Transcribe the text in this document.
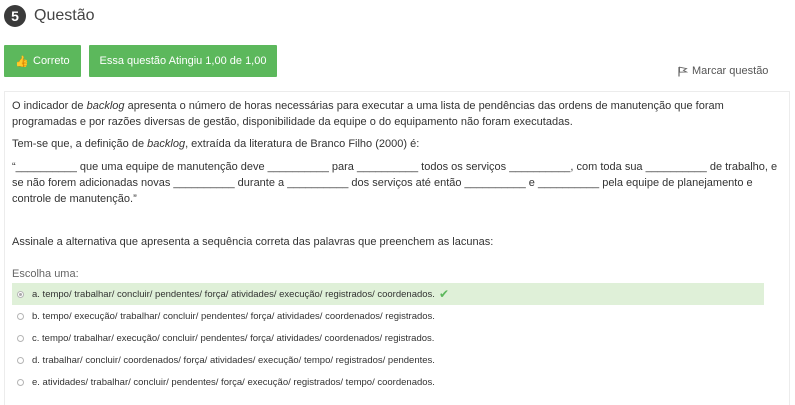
5 Questão
👍 Correto	Essa questão Atingiu 1,00 de 1,00
Marcar questão
O indicador de backlog apresenta o número de horas necessárias para executar a uma lista de pendências das ordens de manutenção que foram programadas e por razões diversas de gestão, disponibilidade da equipe o do equipamento não foram executadas.
Tem-se que, a definição de backlog, extraída da literatura de Branco Filho (2000) é:
“__________ que uma equipe de manutenção deve __________ para __________ todos os serviços __________, com toda sua __________ de trabalho, e se não forem adicionadas novas __________ durante a __________ dos serviços até então __________ e __________ pela equipe de planejamento e controle de manutenção.”
Assinale a alternativa que apresenta a sequência correta das palavras que preenchem as lacunas:
Escolha uma:
a. tempo/ trabalhar/ concluir/ pendentes/ força/ atividades/ execução/ registrados/ coordenados. ✔
b. tempo/ execução/ trabalhar/ concluir/ pendentes/ força/ atividades/ coordenados/ registrados.
c. tempo/ trabalhar/ execução/ concluir/ pendentes/ força/ atividades/ coordenados/ registrados.
d. trabalhar/ concluir/ coordenados/ força/ atividades/ execução/ tempo/ registrados/ pendentes.
e. atividades/ trabalhar/ concluir/ pendentes/ força/ execução/ registrados/ tempo/ coordenados.
